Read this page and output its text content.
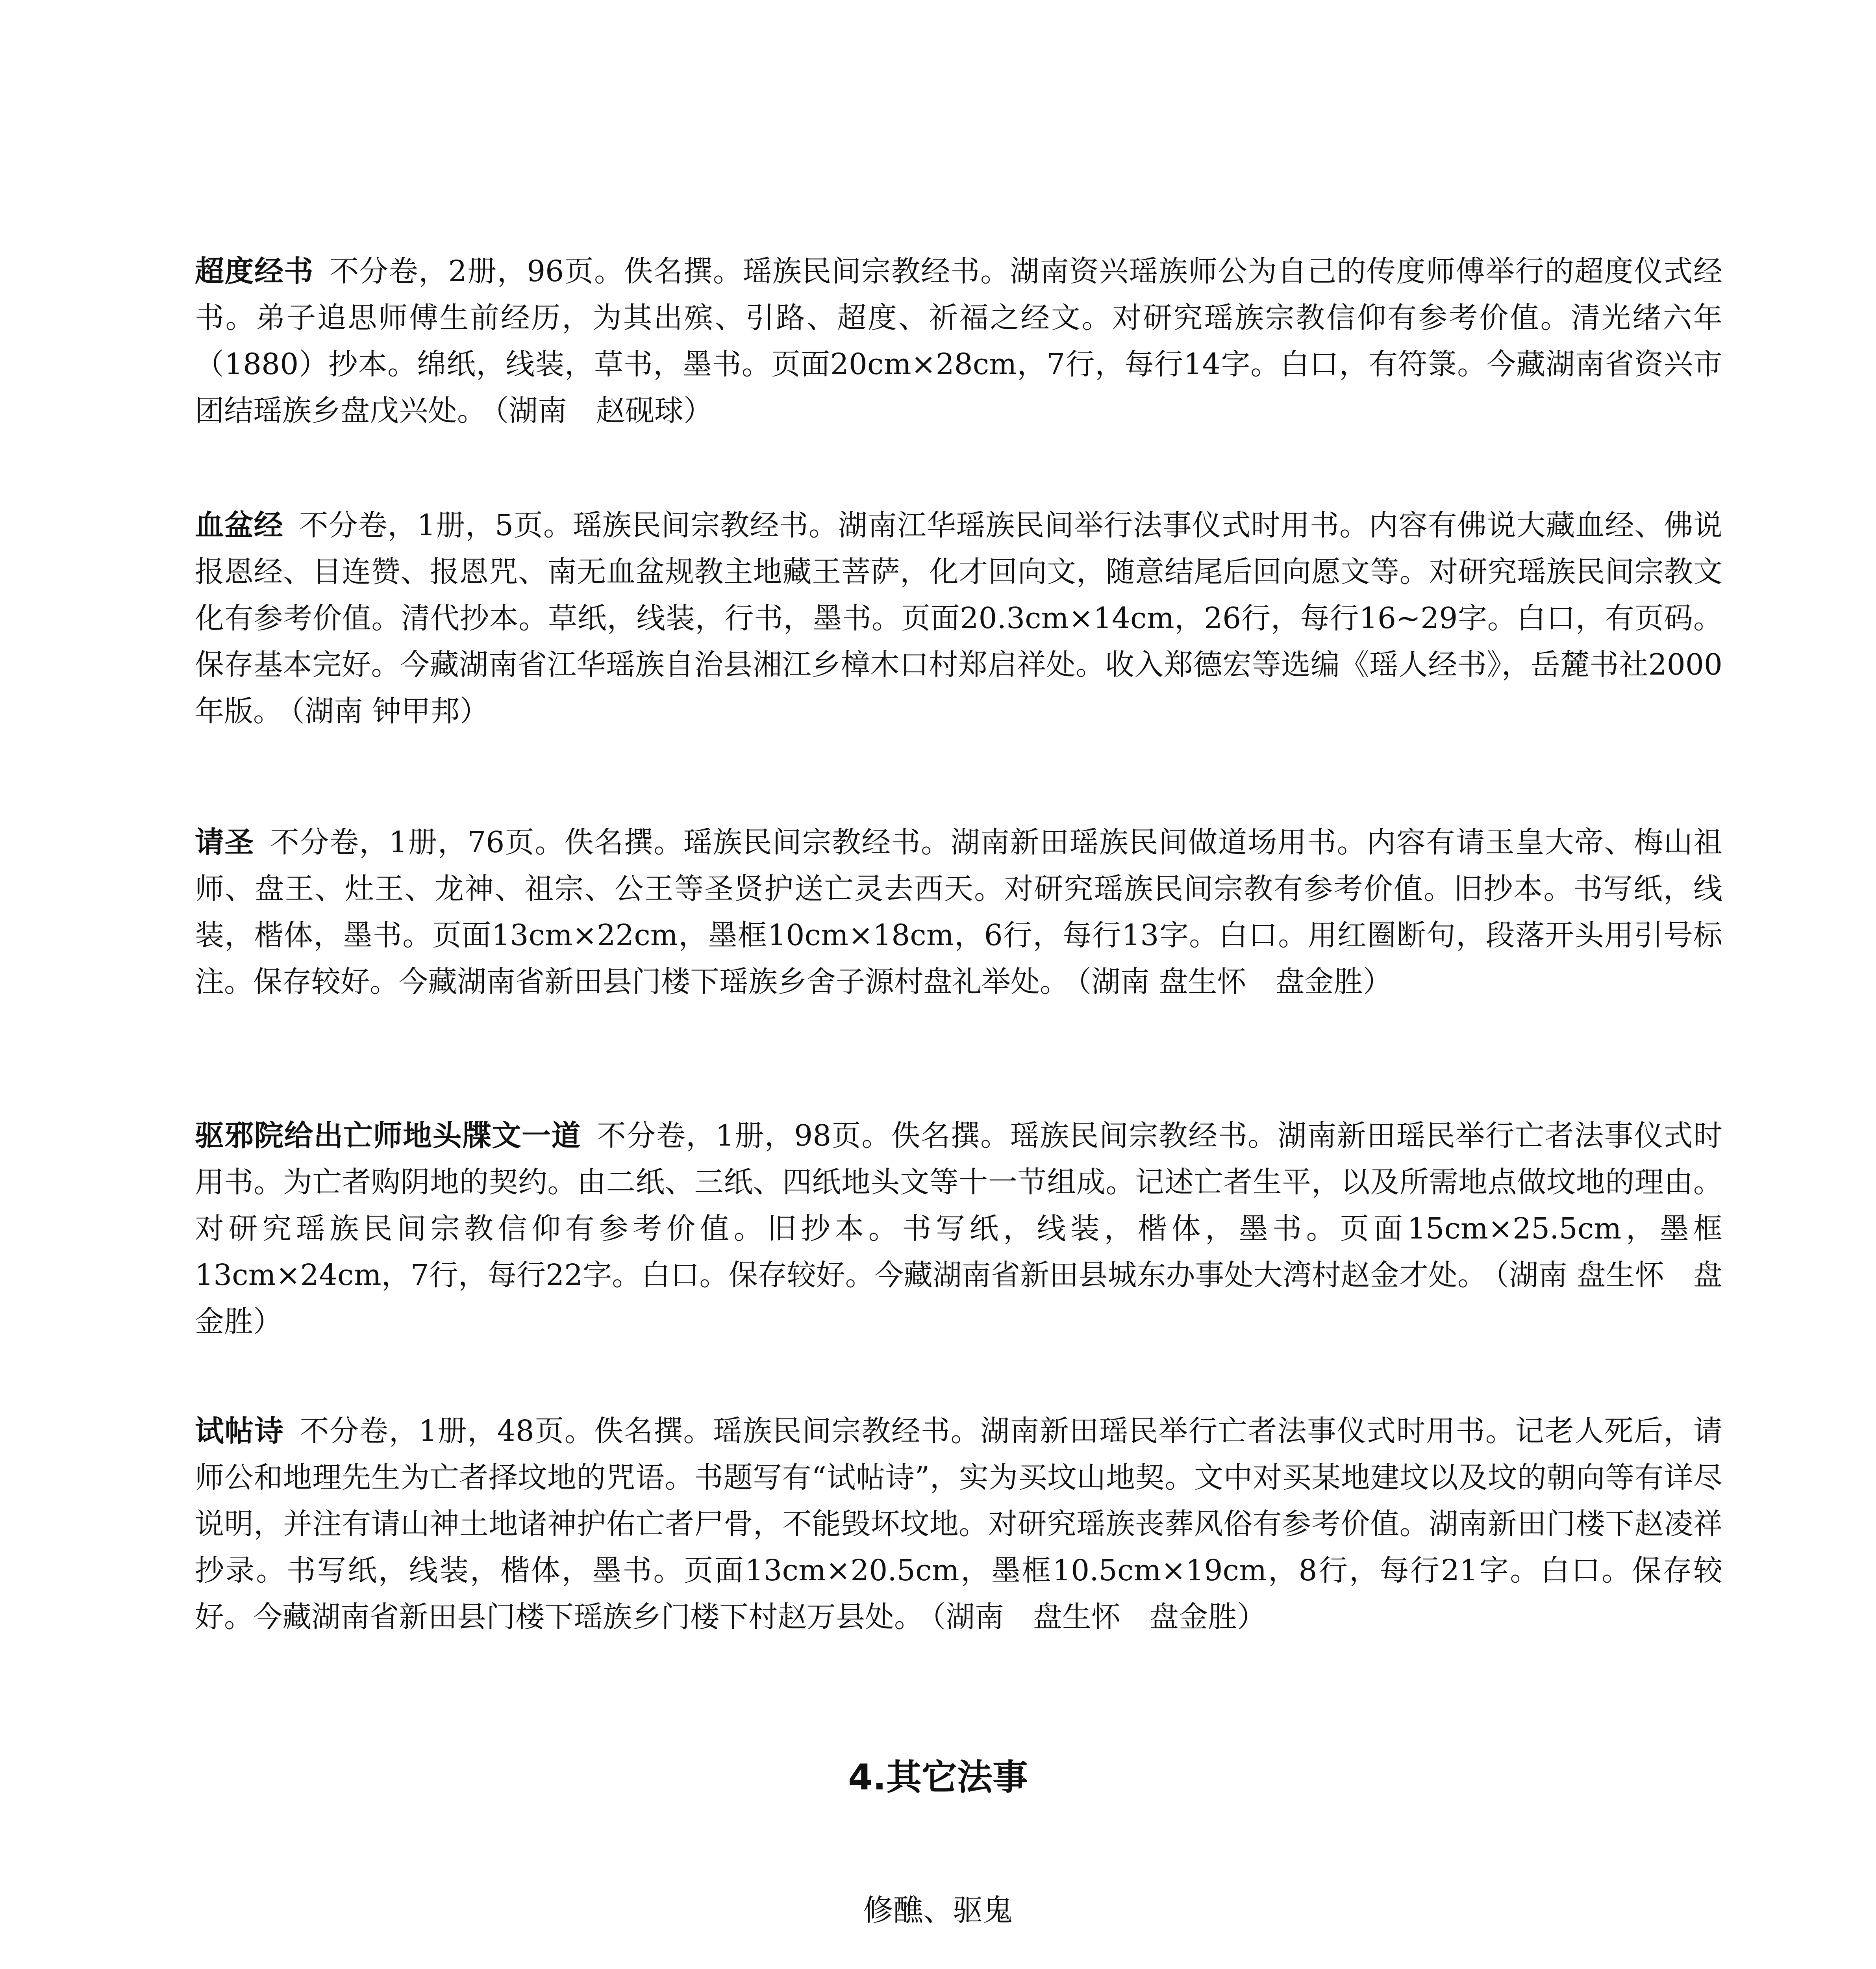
超度经书 不分卷，2册，96页。佚名撰。瑶族民间宗教经书。湖南资兴瑶族师公为自己的传度师傅举行的超度仪式经书。弟子追思师傅生前经历，为其出殡、引路、超度、祈福之经文。对研究瑶族宗教信仰有参考价值。清光绪六年（1880）抄本。绵纸，线装，草书，墨书。页面20cm×28cm，7行，每行14字。白口，有符箓。今藏湖南省资兴市团结瑶族乡盘戊兴处。 （湖南　赵砚球）

血盆经 不分卷，1册，5页。瑶族民间宗教经书。湖南江华瑶族民间举行法事仪式时用书。内容有佛说大藏血经、佛说报恩经、目连赞、报恩咒、南无血盆规教主地藏王菩萨，化才回向文，随意结尾后回向愿文等。对研究瑶族民间宗教文化有参考价值。清代抄本。草纸，线装，行书，墨书。页面20.3cm×14cm，26行，每行16~29字。白口，有页码。保存基本完好。今藏湖南省江华瑶族自治县湘江乡樟木口村郑启祥处。收入郑德宏等选编《瑶人经书》，岳麓书社2000年版。 （湖南 钟甲邦）

请圣 不分卷，1册，76页。佚名撰。瑶族民间宗教经书。湖南新田瑶族民间做道场用书。内容有请玉皇大帝、梅山祖师、盘王、灶王、龙神、祖宗、公王等圣贤护送亡灵去西天。对研究瑶族民间宗教有参考价值。旧抄本。书写纸，线装，楷体，墨书。页面13cm×22cm，墨框10cm×18cm，6行，每行13字。白口。用红圈断句，段落开头用引号标注。保存较好。今藏湖南省新田县门楼下瑶族乡舍子源村盘礼举处。 （湖南 盘生怀　盘金胜）

驱邪院给出亡师地头牒文一道 不分卷，1册，98页。佚名撰。瑶族民间宗教经书。湖南新田瑶民举行亡者法事仪式时用书。为亡者购阴地的契约。由二纸、三纸、四纸地头文等十一节组成。记述亡者生平，以及所需地点做坟地的理由。对研究瑶族民间宗教信仰有参考价值。旧抄本。书写纸，线装，楷体，墨书。页面15cm×25.5cm，墨框13cm×24cm，7行，每行22字。白口。保存较好。今藏湖南省新田县城东办事处大湾村赵金才处。 （湖南 盘生怀　盘金胜）

试帖诗 不分卷，1册，48页。佚名撰。瑶族民间宗教经书。湖南新田瑶民举行亡者法事仪式时用书。记老人死后，请师公和地理先生为亡者择坟地的咒语。书题写有“试帖诗”，实为买坟山地契。文中对买某地建坟以及坟的朝向等有详尽说明，并注有请山神土地诸神护佑亡者尸骨，不能毁坏坟地。对研究瑶族丧葬风俗有参考价值。湖南新田门楼下赵凌祥抄录。书写纸，线装，楷体，墨书。页面13cm×20.5cm，墨框10.5cm×19cm，8行，每行21字。白口。保存较好。今藏湖南省新田县门楼下瑶族乡门楼下村赵万县处。 （湖南　盘生怀　盘金胜）

4.其它法事

修醮、驱鬼
